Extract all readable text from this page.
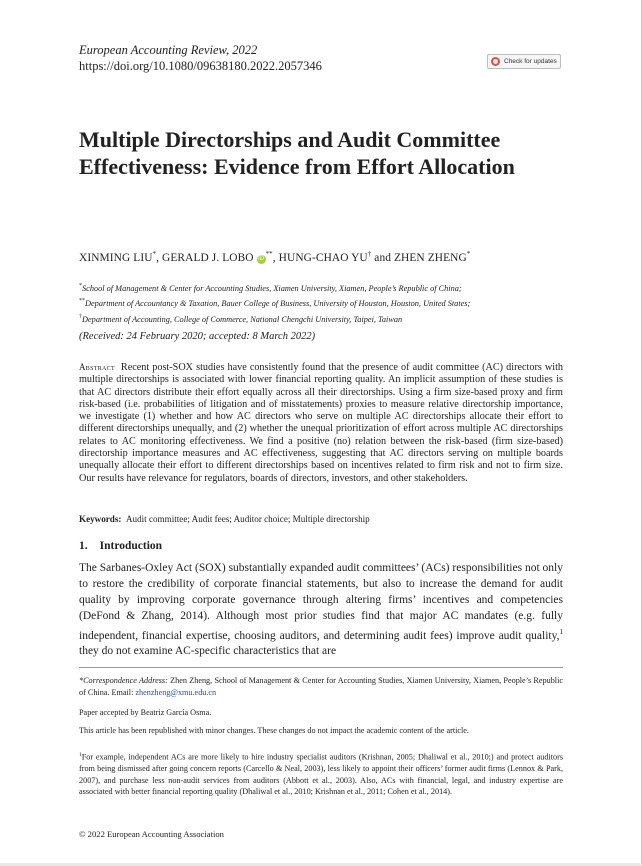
European Accounting Review, 2022
https://doi.org/10.1080/09638180.2022.2057346	Check for updates
Multiple Directorships and Audit Committee Effectiveness: Evidence from Effort Allocation
XINMING LIU*, GERALD J. LOBO iD**, HUNG-CHAO YU† and ZHEN ZHENG*
*School of Management & Center for Accounting Studies, Xiamen University, Xiamen, People’s Republic of China;
**Department of Accountancy & Taxation, Bauer College of Business, University of Houston, Houston, United States;
†Department of Accounting, College of Commerce, National Chengchi University, Taipei, Taiwan
(Received: 24 February 2020; accepted: 8 March 2022)
Abstract Recent post-SOX studies have consistently found that the presence of audit committee (AC) directors with multiple directorships is associated with lower financial reporting quality. An implicit assumption of these studies is that AC directors distribute their effort equally across all their directorships. Using a firm size-based proxy and firm risk-based (i.e. probabilities of litigation and of misstatements) proxies to measure relative directorship importance, we investigate (1) whether and how AC directors who serve on multiple AC directorships allocate their effort to different directorships unequally, and (2) whether the unequal prioritization of effort across multiple AC directorships relates to AC monitoring effectiveness. We find a positive (no) relation between the risk-based (firm size-based) directorship importance measures and AC effectiveness, suggesting that AC directors serving on multiple boards unequally allocate their effort to different directorships based on incentives related to firm risk and not to firm size. Our results have relevance for regulators, boards of directors, investors, and other stakeholders.
Keywords: Audit committee; Audit fees; Auditor choice; Multiple directorship
1. Introduction
The Sarbanes-Oxley Act (SOX) substantially expanded audit committees’ (ACs) responsibilities not only to restore the credibility of corporate financial statements, but also to increase the demand for audit quality by improving corporate governance through altering firms’ incentives and competencies (DeFond & Zhang, 2014). Although most prior studies find that major AC mandates (e.g. fully independent, financial expertise, choosing auditors, and determining audit fees) improve audit quality,$^1$ they do not examine AC-specific characteristics that are
*Correspondence Address: Zhen Zheng, School of Management & Center for Accounting Studies, Xiamen University, Xiamen, People’s Republic of China. Email: zhenzheng@xmu.edu.cn
Paper accepted by Beatriz García Osma.
This article has been republished with minor changes. These changes do not impact the academic content of the article.
$^1$For example, independent ACs are more likely to hire industry specialist auditors (Krishnan, 2005; Dhaliwal et al., 2010;) and protect auditors from being dismissed after going concern reports (Carcello & Neal, 2003), less likely to appoint their officers’ former audit firms (Lennox & Park, 2007), and purchase less non-audit services from auditors (Abbott et al., 2003). Also, ACs with financial, legal, and industry expertise are associated with better financial reporting quality (Dhaliwal et al., 2010; Krishnan et al., 2011; Cohen et al., 2014).
© 2022 European Accounting Association
